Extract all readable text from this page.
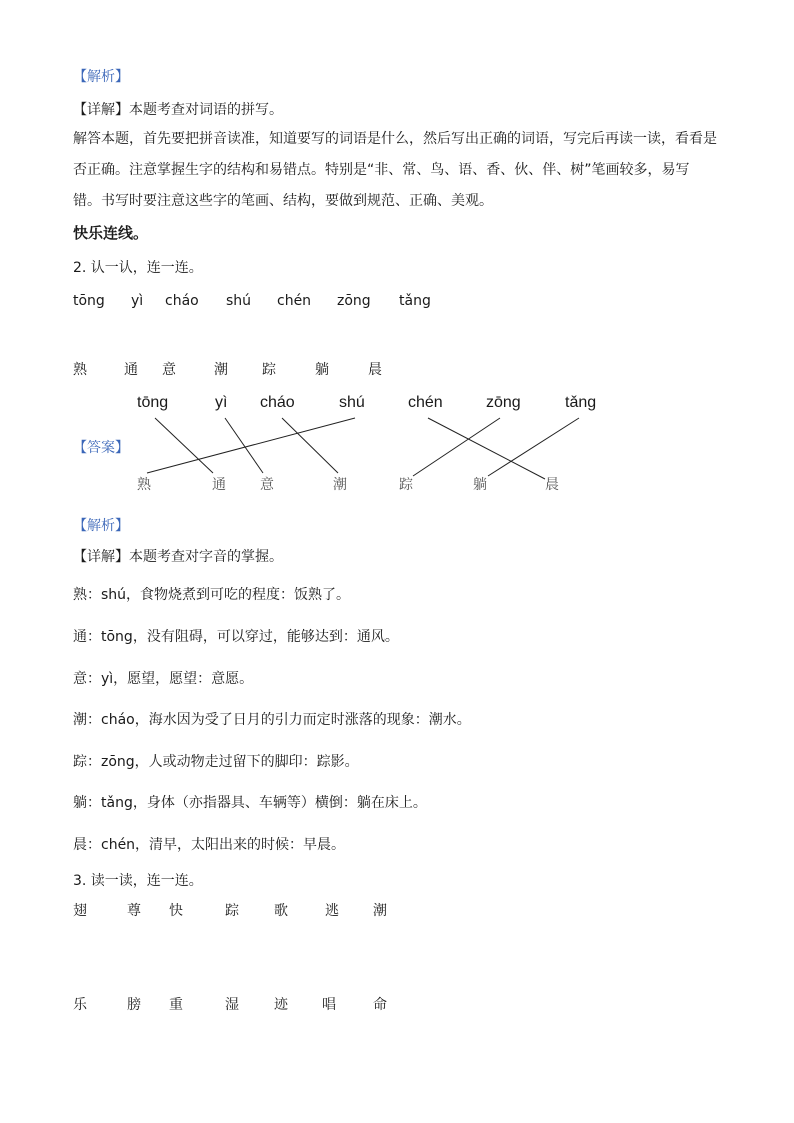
【解析】
【详解】本题考查对词语的拼写。
解答本题，首先要把拼音读准，知道要写的词语是什么，然后写出正确的词语，写完后再读一读，看看是
否正确。注意掌握生字的结构和易错点。特别是“非、常、鸟、语、香、伙、伴、树”笔画较多，易写
错。书写时要注意这些字的笔画、结构，要做到规范、正确、美观。
快乐连线。
2. 认一认，连一连。
tōng yì cháo shú chén zōng tǎng
熟	通 意	潮 踪	躺	晨
tōng	yì cháo	shú	chén	zōng	tǎng
【答案】
熟	通 意	潮	踪	躺	晨
【解析】
【详解】本题考查对字音的掌握。
熟：shú，食物烧煮到可吃的程度：饭熟了。
通：tōng，没有阻碍，可以穿过，能够达到：通风。
意：yì，愿望，愿望：意愿。
潮：cháo，海水因为受了日月的引力而定时涨落的现象：潮水。
踪：zōng，人或动物走过留下的脚印：踪影。
躺：tǎng，身体（亦指器具、车辆等）横倒：躺在床上。
晨：chén，清早，太阳出来的时候：早晨。
3. 读一读，连一连。
翅	尊 快	踪	歌	逃 潮
乐	膀 重	湿	迹 唱	命
